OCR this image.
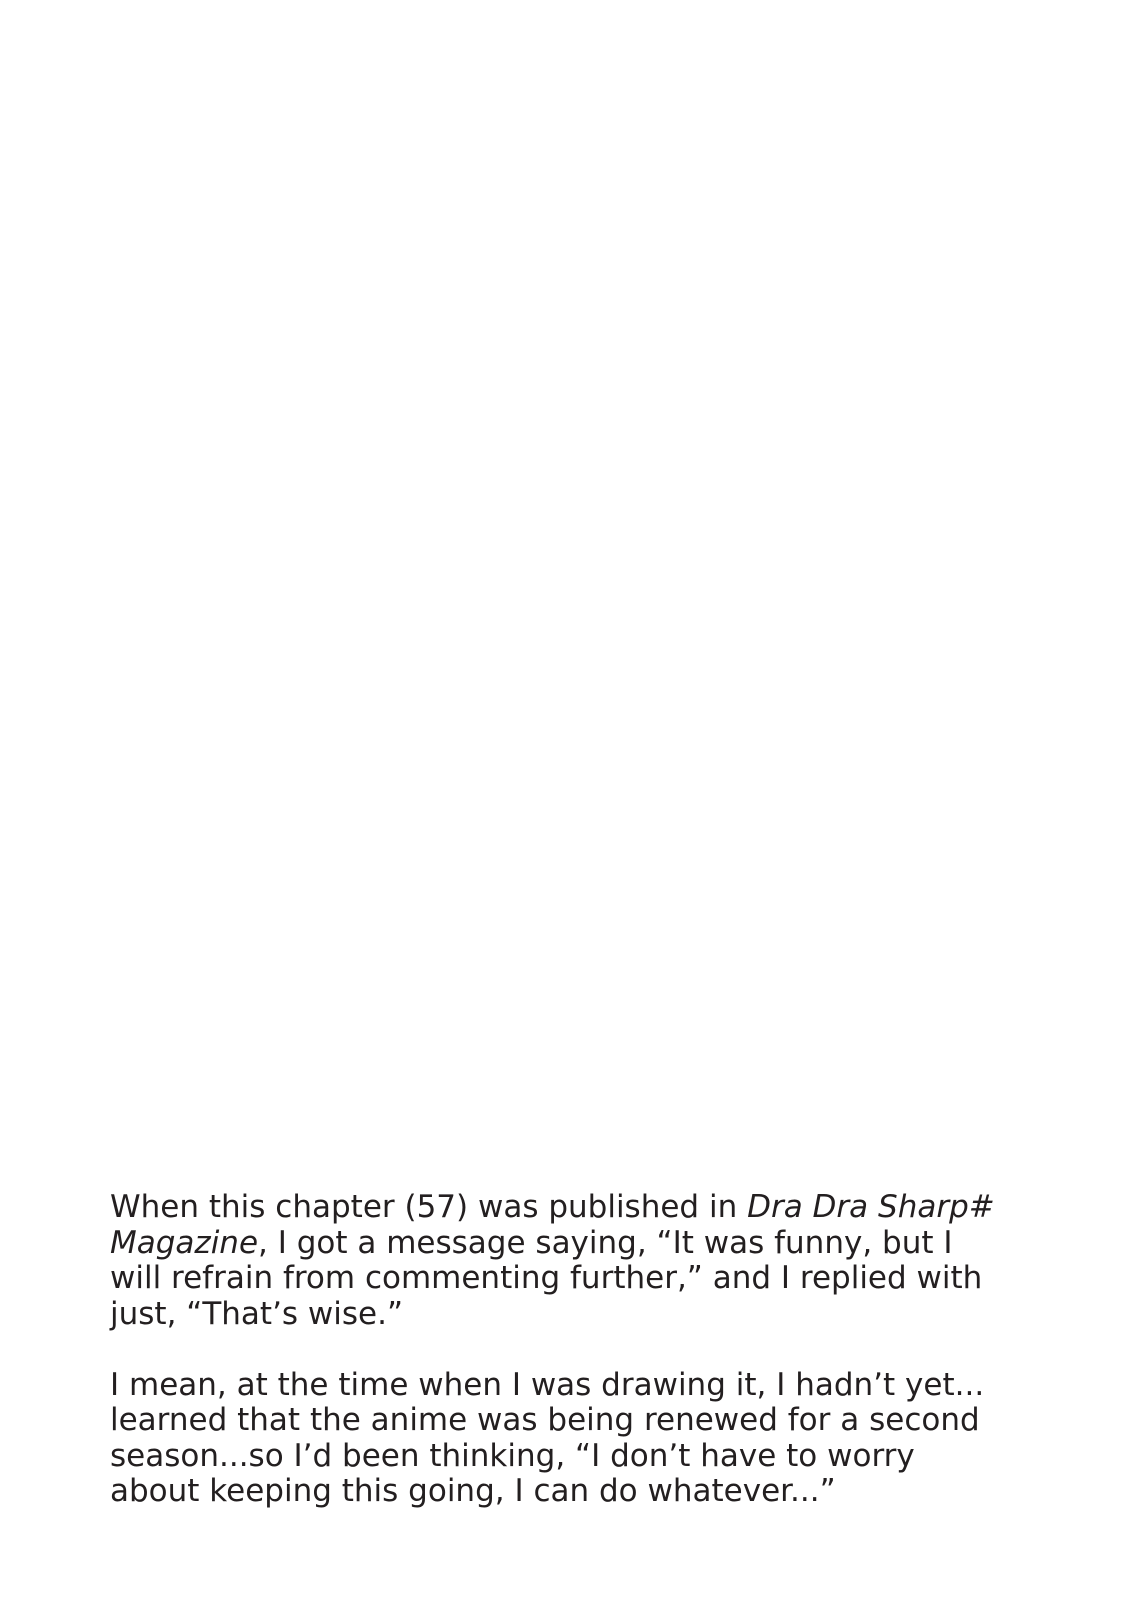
When this chapter (57) was published in Dra Dra Sharp#
Magazine, I got a message saying, “It was funny, but I
will refrain from commenting further,” and I replied with
just, “That’s wise.”

I mean, at the time when I was drawing it, I hadn’t yet...
learned that the anime was being renewed for a second
season...so I’d been thinking, “I don’t have to worry
about keeping this going, I can do whatever...”
